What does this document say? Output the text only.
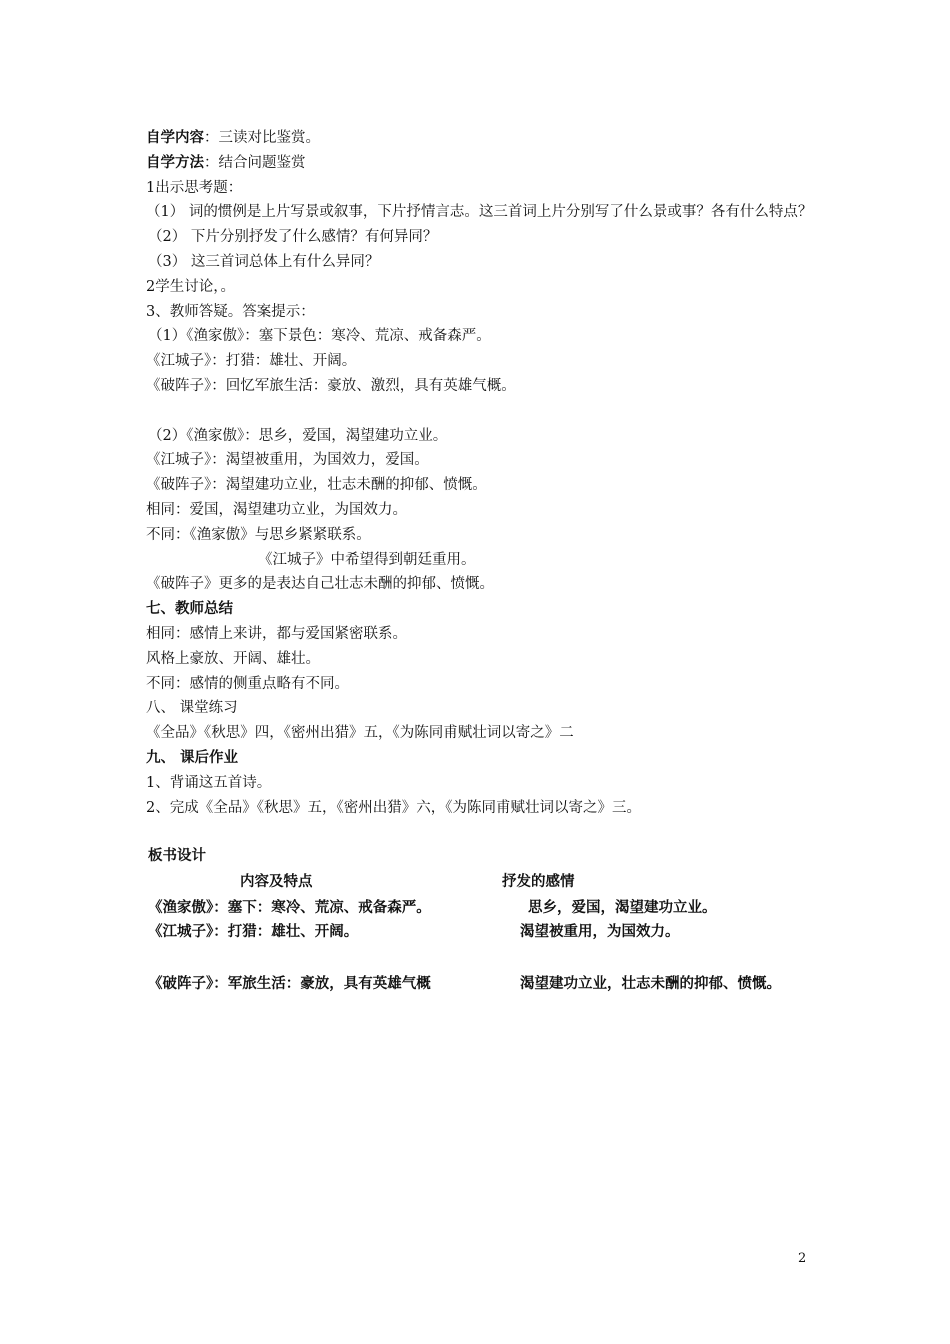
自学内容：三读对比鉴赏。
自学方法：结合问题鉴赏
1出示思考题：
（1） 词的惯例是上片写景或叙事，下片抒情言志。这三首词上片分别写了什么景或事？各有什么特点？
（2） 下片分别抒发了什么感情？有何异同？
（3） 这三首词总体上有什么异同？
2学生讨论，。
3、教师答疑。答案提示：
（1）《渔家傲》：塞下景色：寒冷、荒凉、戒备森严。
《江城子》：打猎：雄壮、开阔。
《破阵子》：回忆军旅生活：豪放、激烈，具有英雄气概。
（2）《渔家傲》：思乡，爱国，渴望建功立业。
《江城子》：渴望被重用，为国效力，爱国。
《破阵子》：渴望建功立业，壮志未酬的抑郁、愤慨。
相同：爱国，渴望建功立业，为国效力。
不同：《渔家傲》与思乡紧紧联系。
《江城子》中希望得到朝廷重用。
《破阵子》更多的是表达自己壮志未酬的抑郁、愤慨。
七、教师总结
相同：感情上来讲，都与爱国紧密联系。
风格上豪放、开阔、雄壮。
不同：感情的侧重点略有不同。
八、 课堂练习
《全品》《秋思》四，《密州出猎》五，《为陈同甫赋壮词以寄之》二
九、 课后作业
1、背诵这五首诗。
2、完成《全品》《秋思》五，《密州出猎》六，《为陈同甫赋壮词以寄之》三。
板书设计
内容及特点	抒发的感情
《渔家傲》：塞下：寒冷、荒凉、戒备森严。	思乡，爱国，渴望建功立业。
《江城子》：打猎：雄壮、开阔。	渴望被重用，为国效力。
《破阵子》：军旅生活：豪放，具有英雄气概	渴望建功立业，壮志未酬的抑郁、愤慨。
2
